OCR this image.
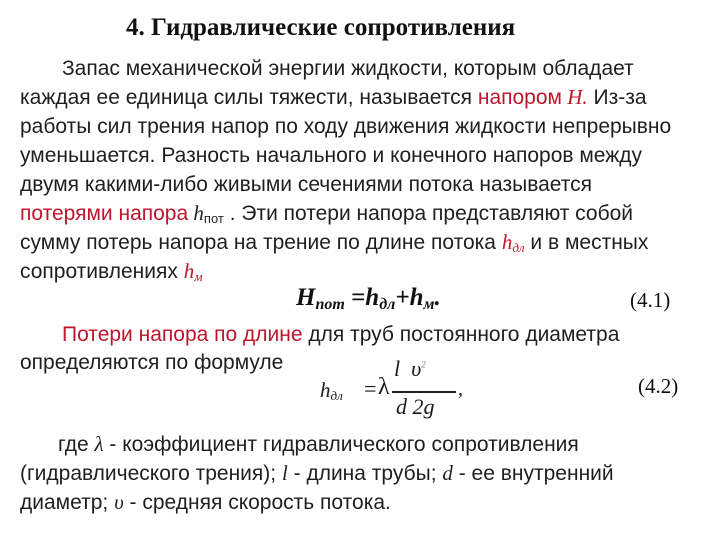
4. Гидравлические сопротивления
Запас механической энергии жидкости, которым обладает
каждая ее единица силы тяжести, называется напором H. Из-за
работы сил трения напор по ходу движения жидкости непрерывно
уменьшается. Разность начального и конечного напоров между
двумя какими-либо живыми сечениями потока называется
потерями напора $h_{пот}$ . Эти потери напора представляют собой
сумму потерь напора на трение по длине потока $h_{дл}$ и в местных
сопротивлениях $h_м$
$H_{пот} =h_{дл}+h_м$.	(4.1)
Потери напора по длине для труб постоянного диаметра
определяются по формуле
hдл = λ
l $\upsilon^2$
d 2g
,	(4.2)
где λ - коэффициент гидравлического сопротивления
(гидравлического трения); l - длина трубы; d - ее внутренний
диаметр; υ - средняя скорость потока.
